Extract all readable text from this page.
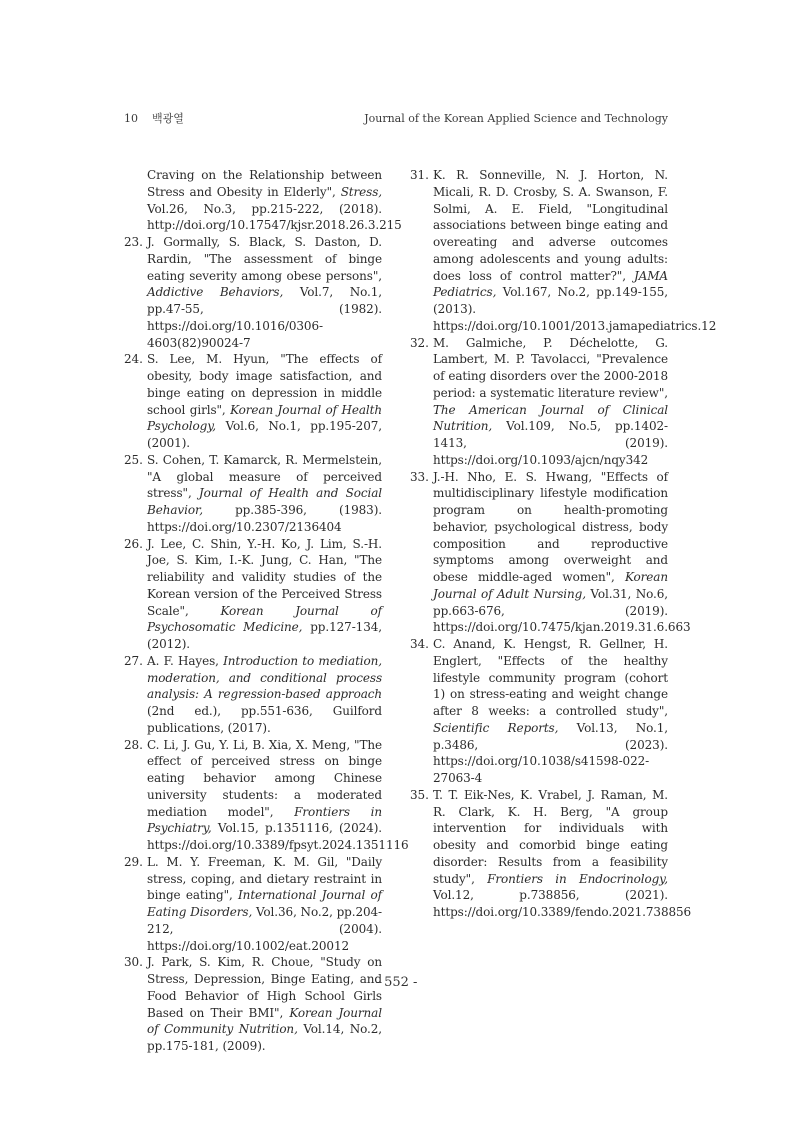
10 백광열	Journal of the Korean Applied Science and Technology
Craving on the Relationship between Stress and Obesity in Elderly", Stress, Vol.26, No.3, pp.215-222, (2018). http://doi.org/10.17547/kjsr.2018.26.3.215
23. J. Gormally, S. Black, S. Daston, D. Rardin, "The assessment of binge eating severity among obese persons", Addictive Behaviors, Vol.7, No.1, pp.47-55, (1982). https://doi.org/10.1016/0306-4603(82)90024-7
24. S. Lee, M. Hyun, "The effects of obesity, body image satisfaction, and binge eating on depression in middle school girls", Korean Journal of Health Psychology, Vol.6, No.1, pp.195-207, (2001).
25. S. Cohen, T. Kamarck, R. Mermelstein, "A global measure of perceived stress", Journal of Health and Social Behavior, pp.385-396, (1983). https://doi.org/10.2307/2136404
26. J. Lee, C. Shin, Y.-H. Ko, J. Lim, S.-H. Joe, S. Kim, I.-K. Jung, C. Han, "The reliability and validity studies of the Korean version of the Perceived Stress Scale", Korean Journal of Psychosomatic Medicine, pp.127-134, (2012).
27. A. F. Hayes, Introduction to mediation, moderation, and conditional process analysis: A regression-based approach (2nd ed.), pp.551-636, Guilford publications, (2017).
28. C. Li, J. Gu, Y. Li, B. Xia, X. Meng, "The effect of perceived stress on binge eating behavior among Chinese university students: a moderated mediation model", Frontiers in Psychiatry, Vol.15, p.1351116, (2024). https://doi.org/10.3389/fpsyt.2024.1351116
29. L. M. Y. Freeman, K. M. Gil, "Daily stress, coping, and dietary restraint in binge eating", International Journal of Eating Disorders, Vol.36, No.2, pp.204-212, (2004). https://doi.org/10.1002/eat.20012
30. J. Park, S. Kim, R. Choue, "Study on Stress, Depression, Binge Eating, and Food Behavior of High School Girls Based on Their BMI", Korean Journal of Community Nutrition, Vol.14, No.2, pp.175-181, (2009).
31. K. R. Sonneville, N. J. Horton, N. Micali, R. D. Crosby, S. A. Swanson, F. Solmi, A. E. Field, "Longitudinal associations between binge eating and overeating and adverse outcomes among adolescents and young adults: does loss of control matter?", JAMA Pediatrics, Vol.167, No.2, pp.149-155, (2013). https://doi.org/10.1001/2013.jamapediatrics.12
32. M. Galmiche, P. Déchelotte, G. Lambert, M. P. Tavolacci, "Prevalence of eating disorders over the 2000-2018 period: a systematic literature review", The American Journal of Clinical Nutrition, Vol.109, No.5, pp.1402-1413, (2019). https://doi.org/10.1093/ajcn/nqy342
33. J.-H. Nho, E. S. Hwang, "Effects of multidisciplinary lifestyle modification program on health-promoting behavior, psychological distress, body composition and reproductive symptoms among overweight and obese middle-aged women", Korean Journal of Adult Nursing, Vol.31, No.6, pp.663-676, (2019). https://doi.org/10.7475/kjan.2019.31.6.663
34. C. Anand, K. Hengst, R. Gellner, H. Englert, "Effects of the healthy lifestyle community program (cohort 1) on stress-eating and weight change after 8 weeks: a controlled study", Scientific Reports, Vol.13, No.1, p.3486, (2023). https://doi.org/10.1038/s41598-022-27063-4
35. T. T. Eik-Nes, K. Vrabel, J. Raman, M. R. Clark, K. H. Berg, "A group intervention for individuals with obesity and comorbid binge eating disorder: Results from a feasibility study", Frontiers in Endocrinology, Vol.12, p.738856, (2021). https://doi.org/10.3389/fendo.2021.738856
- 552 -
